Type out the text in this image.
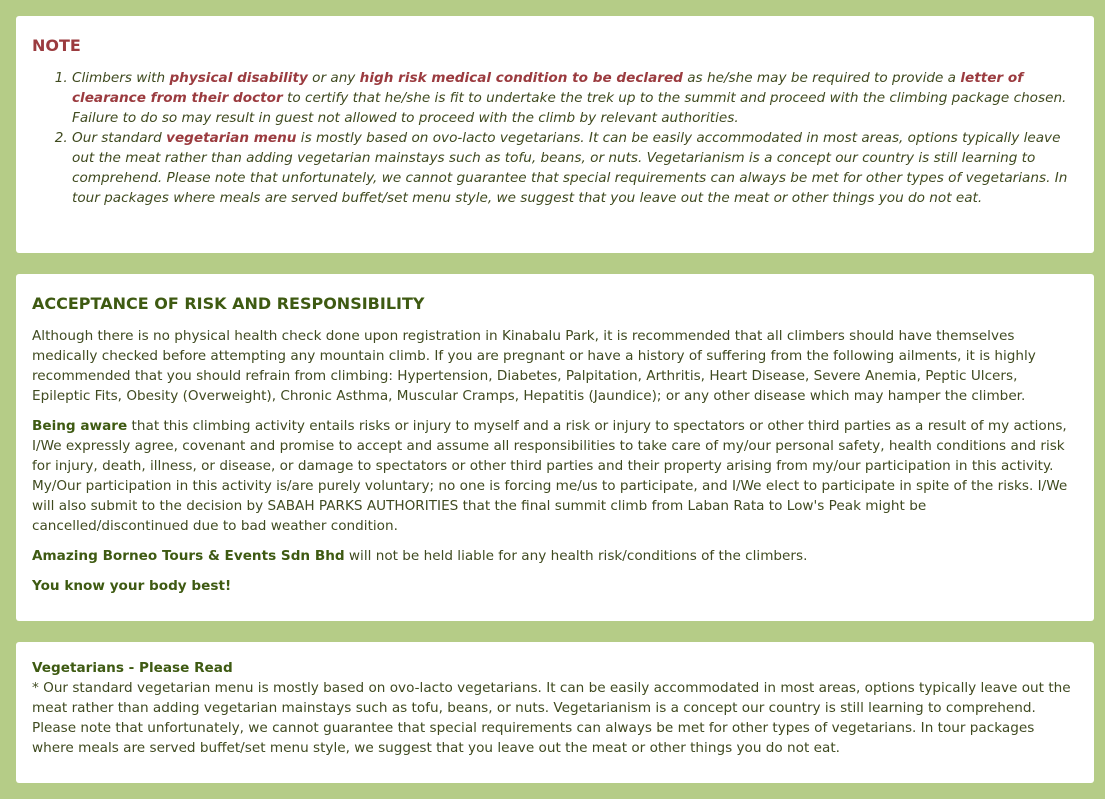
NOTE
1. Climbers with physical disability or any high risk medical condition to be declared as he/she may be required to provide a letter of clearance from their doctor to certify that he/she is fit to undertake the trek up to the summit and proceed with the climbing package chosen. Failure to do so may result in guest not allowed to proceed with the climb by relevant authorities.
2. Our standard vegetarian menu is mostly based on ovo-lacto vegetarians. It can be easily accommodated in most areas, options typically leave out the meat rather than adding vegetarian mainstays such as tofu, beans, or nuts. Vegetarianism is a concept our country is still learning to comprehend. Please note that unfortunately, we cannot guarantee that special requirements can always be met for other types of vegetarians. In tour packages where meals are served buffet/set menu style, we suggest that you leave out the meat or other things you do not eat.
ACCEPTANCE OF RISK AND RESPONSIBILITY

Although there is no physical health check done upon registration in Kinabalu Park, it is recommended that all climbers should have themselves medically checked before attempting any mountain climb. If you are pregnant or have a history of suffering from the following ailments, it is highly recommended that you should refrain from climbing: Hypertension, Diabetes, Palpitation, Arthritis, Heart Disease, Severe Anemia, Peptic Ulcers, Epileptic Fits, Obesity (Overweight), Chronic Asthma, Muscular Cramps, Hepatitis (Jaundice); or any other disease which may hamper the climber.

Being aware that this climbing activity entails risks or injury to myself and a risk or injury to spectators or other third parties as a result of my actions, I/We expressly agree, covenant and promise to accept and assume all responsibilities to take care of my/our personal safety, health conditions and risk for injury, death, illness, or disease, or damage to spectators or other third parties and their property arising from my/our participation in this activity. My/Our participation in this activity is/are purely voluntary; no one is forcing me/us to participate, and I/We elect to participate in spite of the risks. I/We will also submit to the decision by SABAH PARKS AUTHORITIES that the final summit climb from Laban Rata to Low's Peak might be cancelled/discontinued due to bad weather condition.

Amazing Borneo Tours & Events Sdn Bhd will not be held liable for any health risk/conditions of the climbers.

You know your body best!

Vegetarians - Please Read
* Our standard vegetarian menu is mostly based on ovo-lacto vegetarians. It can be easily accommodated in most areas, options typically leave out the meat rather than adding vegetarian mainstays such as tofu, beans, or nuts. Vegetarianism is a concept our country is still learning to comprehend. Please note that unfortunately, we cannot guarantee that special requirements can always be met for other types of vegetarians. In tour packages where meals are served buffet/set menu style, we suggest that you leave out the meat or other things you do not eat.
